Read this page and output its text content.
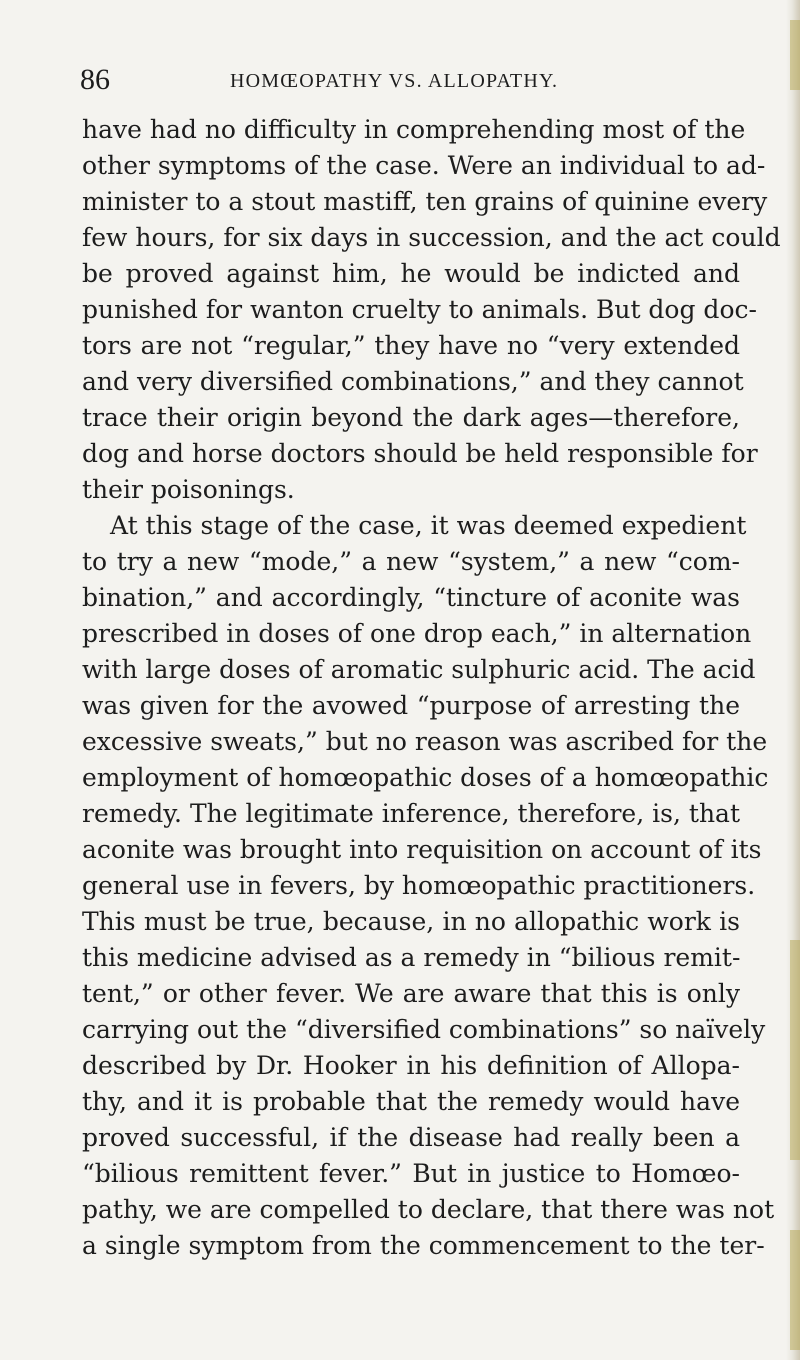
86	HOMŒOPATHY VS. ALLOPATHY.
have had no difficulty in comprehending most of the
other symptoms of the case. Were an individual to ad-
minister to a stout mastiff, ten grains of quinine every
few hours, for six days in succession, and the act could
be proved against him, he would be indicted and
punished for wanton cruelty to animals. But dog doc-
tors are not “regular,” they have no “very extended
and very diversified combinations,” and they cannot
trace their origin beyond the dark ages—therefore,
dog and horse doctors should be held responsible for
their poisonings.
At this stage of the case, it was deemed expedient
to try a new “mode,” a new “system,” a new “com-
bination,” and accordingly, “tincture of aconite was
prescribed in doses of one drop each,” in alternation
with large doses of aromatic sulphuric acid. The acid
was given for the avowed “purpose of arresting the
excessive sweats,” but no reason was ascribed for the
employment of homœopathic doses of a homœopathic
remedy. The legitimate inference, therefore, is, that
aconite was brought into requisition on account of its
general use in fevers, by homœopathic practitioners.
This must be true, because, in no allopathic work is
this medicine advised as a remedy in “bilious remit-
tent,” or other fever. We are aware that this is only
carrying out the “diversified combinations” so naïvely
described by Dr. Hooker in his definition of Allopa-
thy, and it is probable that the remedy would have
proved successful, if the disease had really been a
“bilious remittent fever.” But in justice to Homœo-
pathy, we are compelled to declare, that there was not
a single symptom from the commencement to the ter-
